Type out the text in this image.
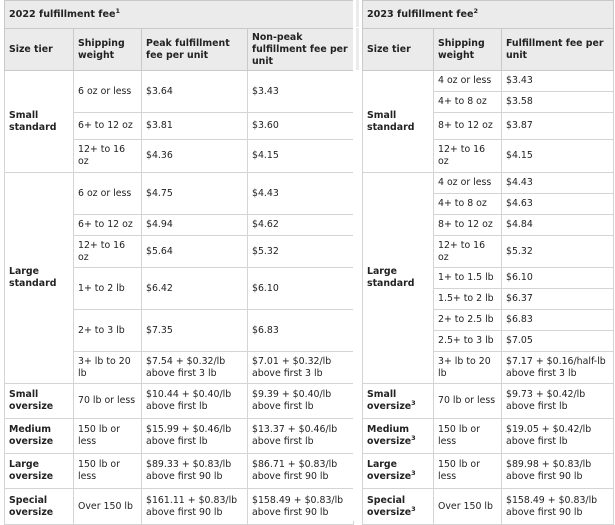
2022 fulfillment fee$^1$
Size tier	Shipping weight	Peak fulfillment fee per unit	Non-peak fulfillment fee per unit
Small standard	6 oz or less	$3.64	$3.43
	6+ to 12 oz	$3.81	$3.60
	12+ to 16 oz	$4.36	$4.15
Large standard	6 oz or less	$4.75	$4.43
	6+ to 12 oz	$4.94	$4.62
	12+ to 16 oz	$5.64	$5.32
	1+ to 2 lb	$6.42	$6.10
	2+ to 3 lb	$7.35	$6.83
	3+ lb to 20 lb	$7.54 + $0.32/lb above first 3 lb	$7.01 + $0.32/lb above first 3 lb
Small oversize	70 lb or less	$10.44 + $0.40/lb above first lb	$9.39 + $0.40/lb above first lb
Medium oversize	150 lb or less	$15.99 + $0.46/lb above first lb	$13.37 + $0.46/lb above first lb
Large oversize	150 lb or less	$89.33 + $0.83/lb above first 90 lb	$86.71 + $0.83/lb above first 90 lb
Special oversize	Over 150 lb	$161.11 + $0.83/lb above first 90 lb	$158.49 + $0.83/lb above first 90 lb
2023 fulfillment fee$^2$
Size tier	Shipping weight	Fulfillment fee per unit
Small standard	4 oz or less	$3.43
	4+ to 8 oz	$3.58
	8+ to 12 oz	$3.87
	12+ to 16 oz	$4.15
Large standard	4 oz or less	$4.43
	4+ to 8 oz	$4.63
	8+ to 12 oz	$4.84
	12+ to 16 oz	$5.32
	1+ to 1.5 lb	$6.10
	1.5+ to 2 lb	$6.37
	2+ to 2.5 lb	$6.83
	2.5+ to 3 lb	$7.05
	3+ lb to 20 lb	$7.17 + $0.16/half-lb above first 3 lb
Small oversize$^3$	70 lb or less	$9.73 + $0.42/lb above first lb
Medium oversize$^3$	150 lb or less	$19.05 + $0.42/lb above first lb
Large oversize$^3$	150 lb or less	$89.98 + $0.83/lb above first 90 lb
Special oversize$^3$	Over 150 lb	$158.49 + $0.83/lb above first 90 lb
